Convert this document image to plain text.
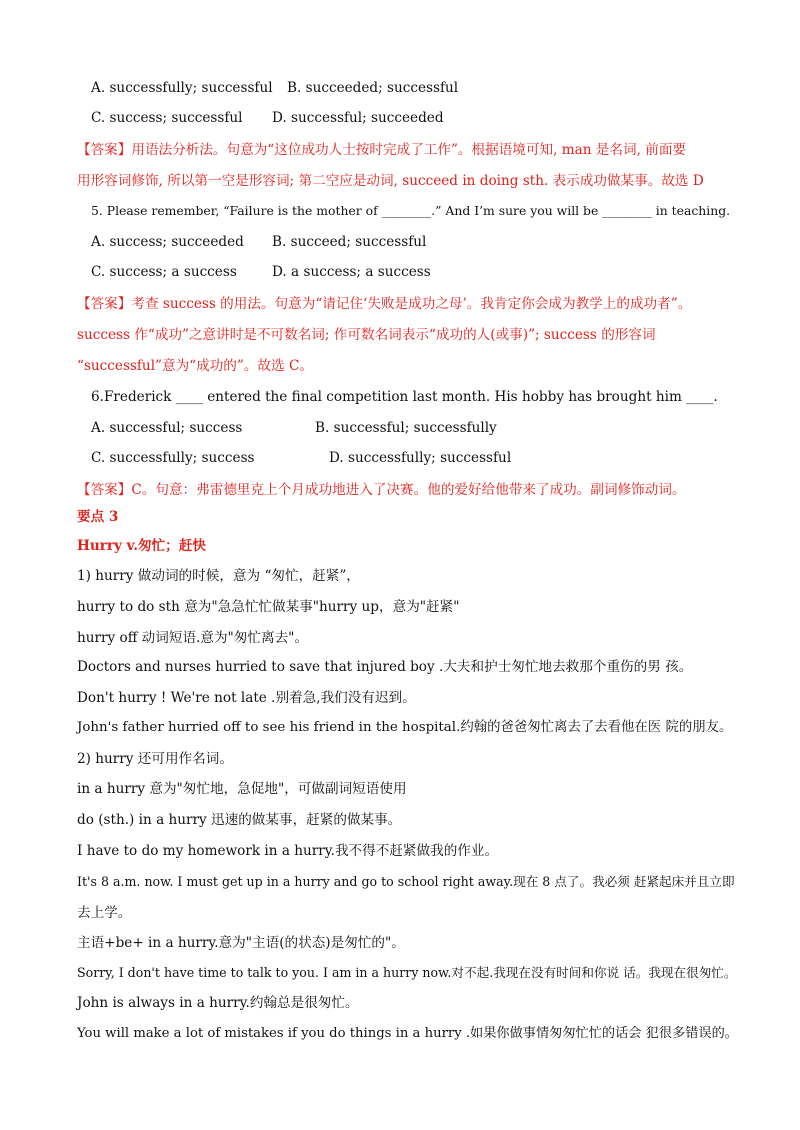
A. successfully; successful B. succeeded; successful
C. success; successful D. successful; succeeded
【答案】用语法分析法。句意为“这位成功人士按时完成了工作”。根据语境可知, man 是名词, 前面要
用形容词修饰, 所以第一空是形容词; 第二空应是动词, succeed in doing sth. 表示成功做某事。故选 D
5. Please remember, “Failure is the mother of ________.” And I’m sure you will be ________ in teaching.
A. success; succeeded B. succeed; successful
C. success; a success	D. a success; a success
【答案】考查 success 的用法。句意为“请记住‘失败是成功之母’。我肯定你会成为教学上的成功者”。
success 作“成功”之意讲时是不可数名词; 作可数名词表示“成功的人(或事)”; success 的形容词
“successful”意为“成功的”。故选 C。
6.Frederick ____ entered the final competition last month. His hobby has brought him ____.
A. successful; success	B. successful; successfully
C. successfully; success	D. successfully; successful
【答案】C。句意：弗雷德里克上个月成功地进入了决赛。他的爱好给他带来了成功。副词修饰动词。
要点 3
Hurry v.匆忙；赶快
1) hurry 做动词的时候，意为 “匆忙，赶紧”，
hurry to do sth 意为"急急忙忙做某事"hurry up，意为"赶紧"
hurry off 动词短语.意为"匆忙离去"。
Doctors and nurses hurried to save that injured boy .大夫和护士匆忙地去救那个重伤的男 孩。
Don't hurry ! We're not late .别着急,我们没有迟到。
John's father hurried off to see his friend in the hospital.约翰的爸爸匆忙离去了去看他在医 院的朋友。
2) hurry 还可用作名词。
in a hurry 意为"匆忙地，急促地"，可做副词短语使用
do (sth.) in a hurry 迅速的做某事，赶紧的做某事。
I have to do my homework in a hurry.我不得不赶紧做我的作业。
It's 8 a.m. now. I must get up in a hurry and go to school right away.现在 8 点了。我必须 赶紧起床并且立即
去上学。
主语+be+ in a hurry.意为"主语(的状态)是匆忙的"。
Sorry, I don't have time to talk to you. I am in a hurry now.对不起.我现在没有时间和你说 话。我现在很匆忙。
John is always in a hurry.约翰总是很匆忙。
You will make a lot of mistakes if you do things in a hurry .如果你做事情匆匆忙忙的话会 犯很多错误的。
